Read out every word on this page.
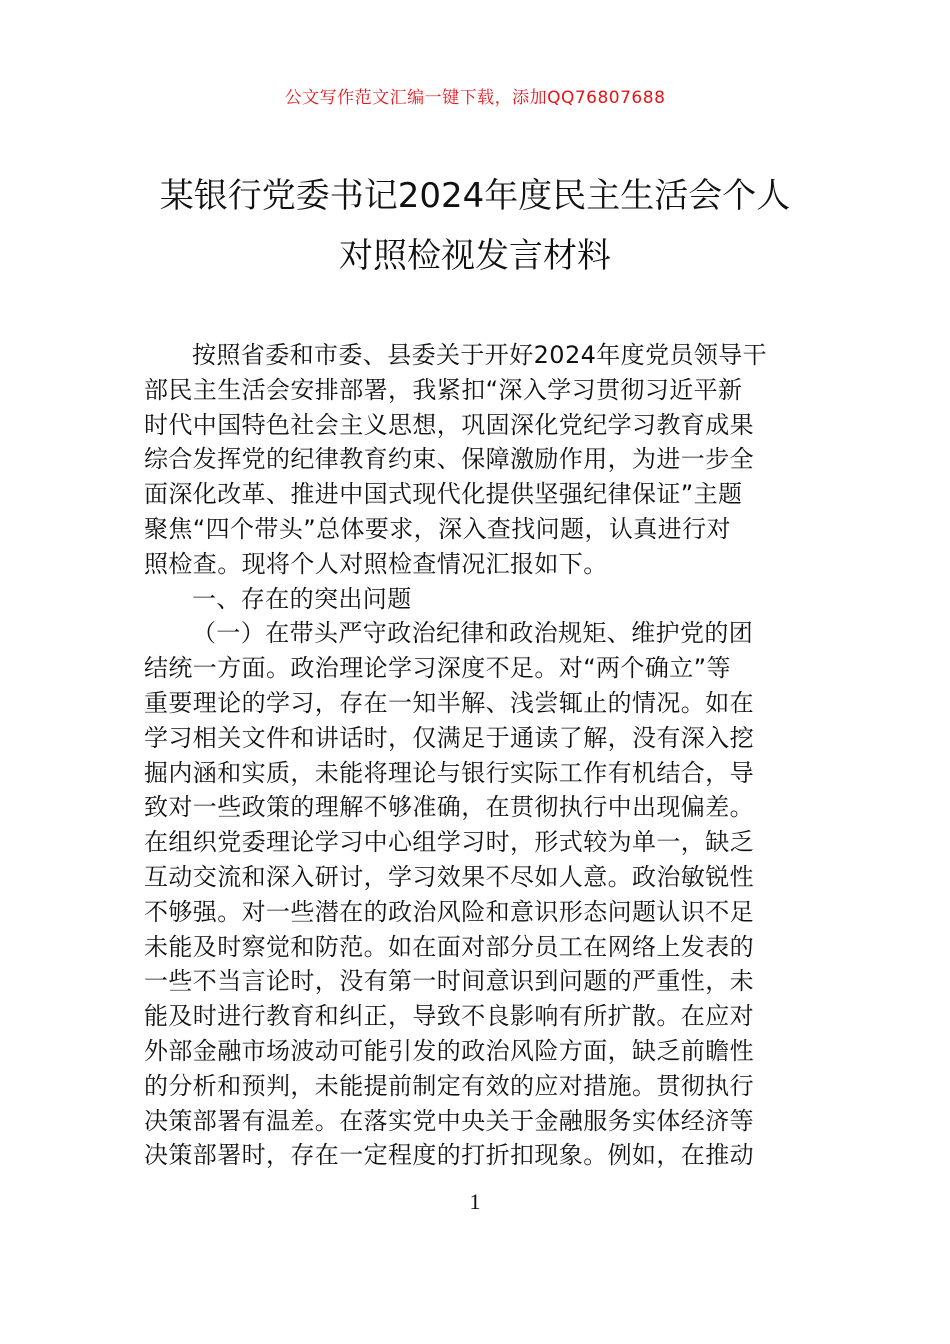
公文写作范文汇编一键下载，添加QQ76807688
某银行党委书记2024年度民主生活会个人
对照检视发言材料
按照省委和市委、县委关于开好2024年度党员领导干
部民主生活会安排部署，我紧扣“深入学习贯彻习近平新
时代中国特色社会主义思想，巩固深化党纪学习教育成果
综合发挥党的纪律教育约束、保障激励作用，为进一步全
面深化改革、推进中国式现代化提供坚强纪律保证”主题
聚焦“四个带头”总体要求，深入查找问题，认真进行对
照检查。现将个人对照检查情况汇报如下。
一、存在的突出问题
（一）在带头严守政治纪律和政治规矩、维护党的团
结统一方面。政治理论学习深度不足。对“两个确立”等
重要理论的学习，存在一知半解、浅尝辄止的情况。如在
学习相关文件和讲话时，仅满足于通读了解，没有深入挖
掘内涵和实质，未能将理论与银行实际工作有机结合，导
致对一些政策的理解不够准确，在贯彻执行中出现偏差。
在组织党委理论学习中心组学习时，形式较为单一，缺乏
互动交流和深入研讨，学习效果不尽如人意。政治敏锐性
不够强。对一些潜在的政治风险和意识形态问题认识不足
未能及时察觉和防范。如在面对部分员工在网络上发表的
一些不当言论时，没有第一时间意识到问题的严重性，未
能及时进行教育和纠正，导致不良影响有所扩散。在应对
外部金融市场波动可能引发的政治风险方面，缺乏前瞻性
的分析和预判，未能提前制定有效的应对措施。贯彻执行
决策部署有温差。在落实党中央关于金融服务实体经济等
决策部署时，存在一定程度的打折扣现象。例如，在推动
1
